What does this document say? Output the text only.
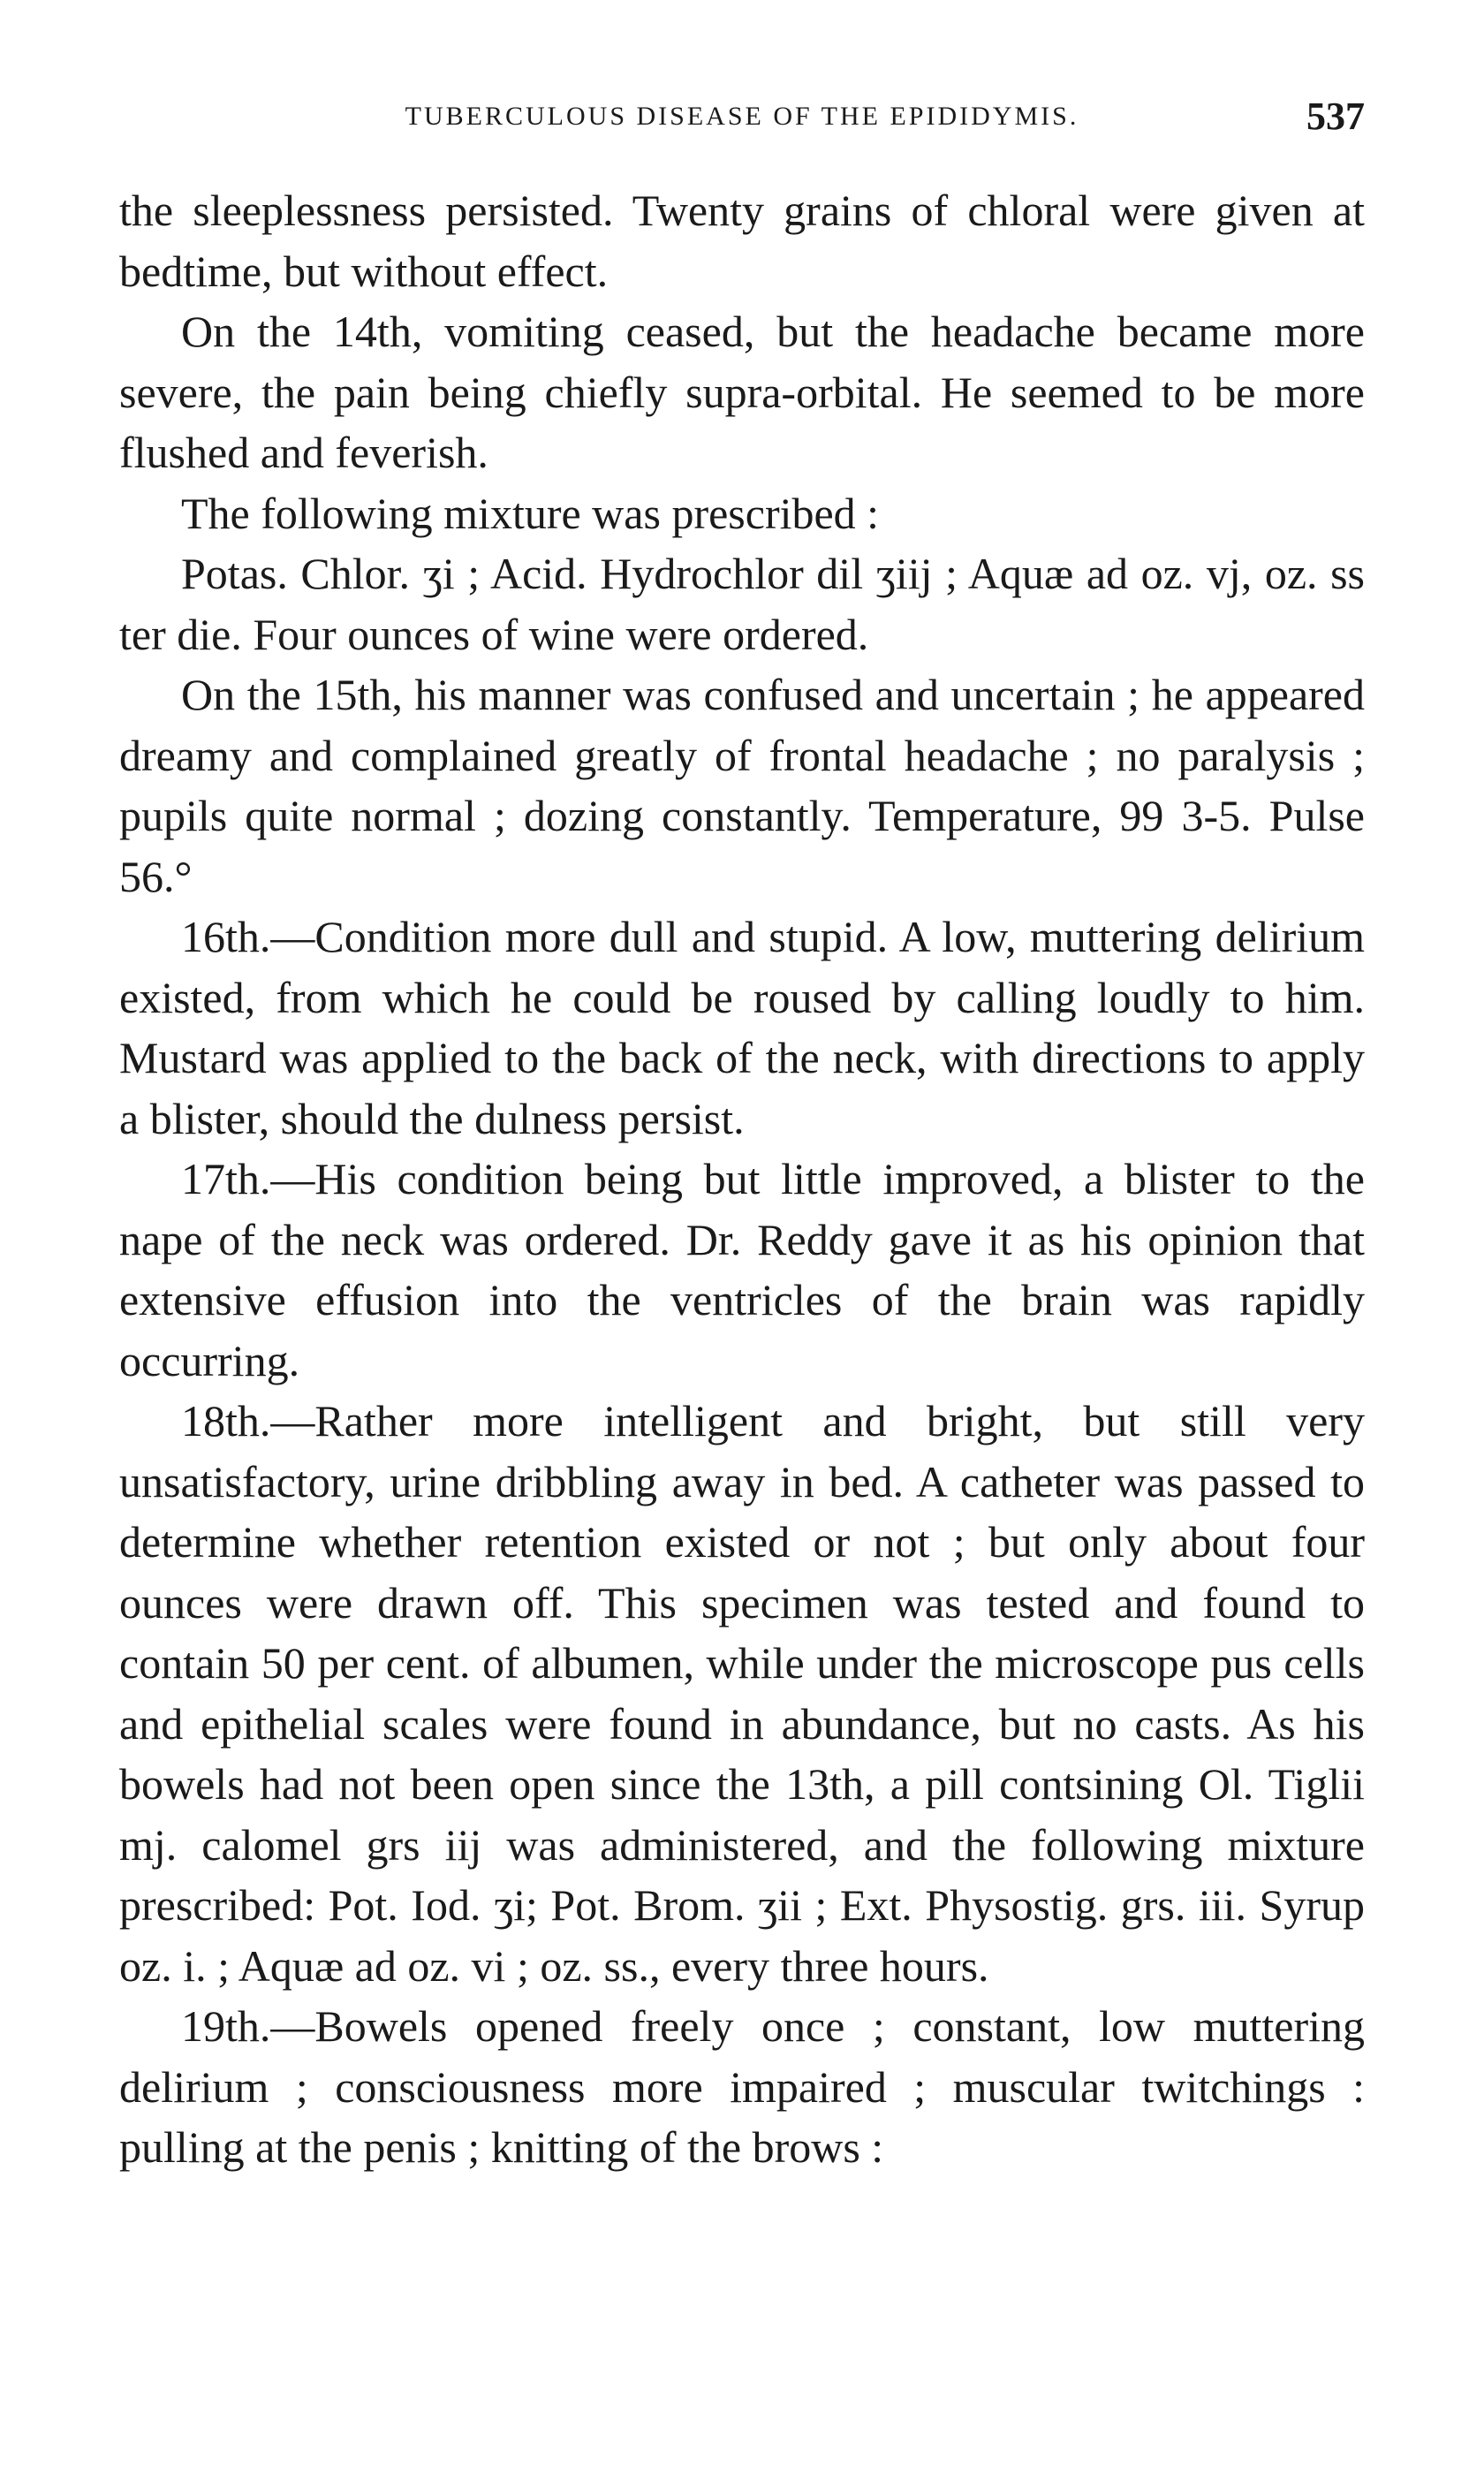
TUBERCULOUS DISEASE OF THE EPIDIDYMIS.	537

the sleeplessness persisted. Twenty grains of chloral were given at bedtime, but without effect.

On the 14th, vomiting ceased, but the headache became more severe, the pain being chiefly supra-orbital. He seemed to be more flushed and feverish.

The following mixture was prescribed :

Potas. Chlor. ʒi ; Acid. Hydrochlor dil ʒiij ; Aquæ ad oz. vj, oz. ss ter die. Four ounces of wine were ordered.

On the 15th, his manner was confused and uncertain ; he appeared dreamy and complained greatly of frontal headache ; no paralysis ; pupils quite normal ; dozing constantly. Temperature, 99 3-5. Pulse 56.°

16th.—Condition more dull and stupid. A low, muttering delirium existed, from which he could be roused by calling loudly to him. Mustard was applied to the back of the neck, with directions to apply a blister, should the dulness persist.

17th.—His condition being but little improved, a blister to the nape of the neck was ordered. Dr. Reddy gave it as his opinion that extensive effusion into the ventricles of the brain was rapidly occurring.

18th.—Rather more intelligent and bright, but still very unsatisfactory, urine dribbling away in bed. A catheter was passed to determine whether retention existed or not ; but only about four ounces were drawn off. This specimen was tested and found to contain 50 per cent. of albumen, while under the microscope pus cells and epithelial scales were found in abundance, but no casts. As his bowels had not been open since the 13th, a pill contsining Ol. Tiglii mj. calomel grs iij was administered, and the following mixture prescribed: Pot. Iod. ʒi; Pot. Brom. ʒii ; Ext. Physostig. grs. iii. Syrup oz. i. ; Aquæ ad oz. vi ; oz. ss., every three hours.

19th.—Bowels opened freely once ; constant, low muttering delirium ; consciousness more impaired ; muscular twitchings : pulling at the penis ; knitting of the brows :
